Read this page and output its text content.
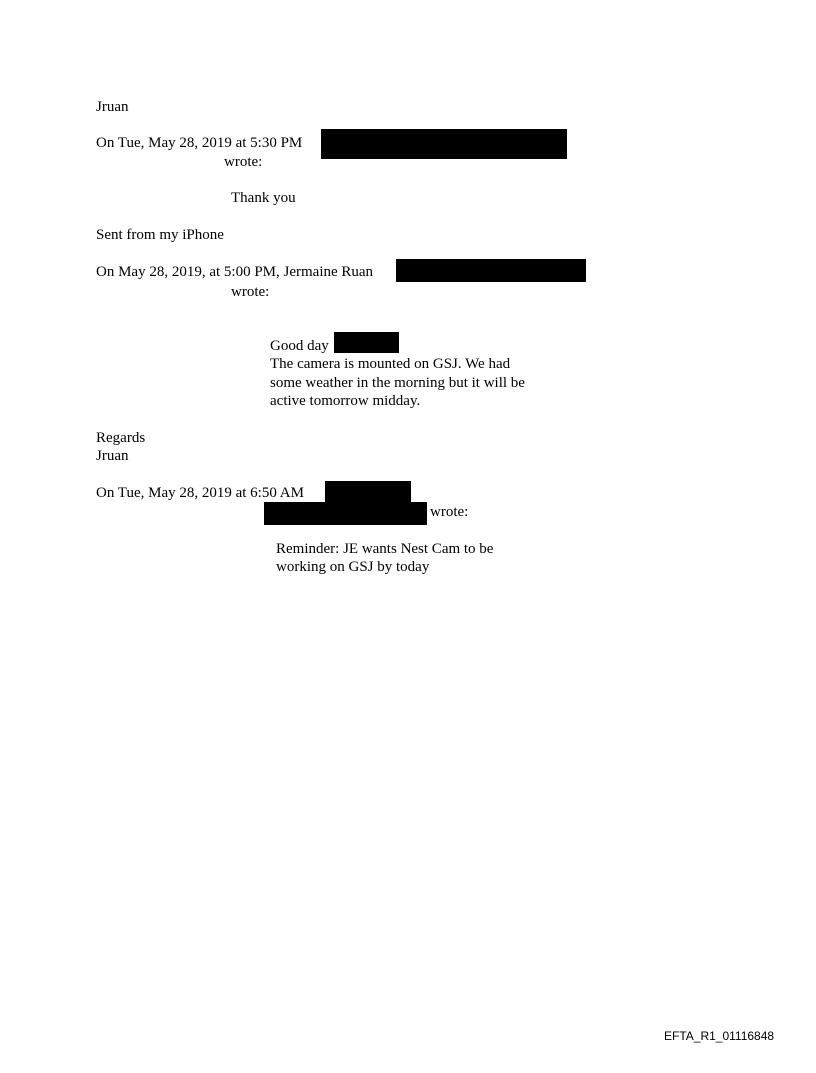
Jruan
On Tue, May 28, 2019 at 5:30 PM
wrote:
Thank you
Sent from my iPhone
On May 28, 2019, at 5:00 PM, Jermaine Ruan
wrote:
Good day
The camera is mounted on GSJ. We had
some weather in the morning but it will be
active tomorrow midday.
Regards
Jruan
On Tue, May 28, 2019 at 6:50 AM
wrote:
Reminder: JE wants Nest Cam to be
working on GSJ by today
EFTA_R1_01116848
